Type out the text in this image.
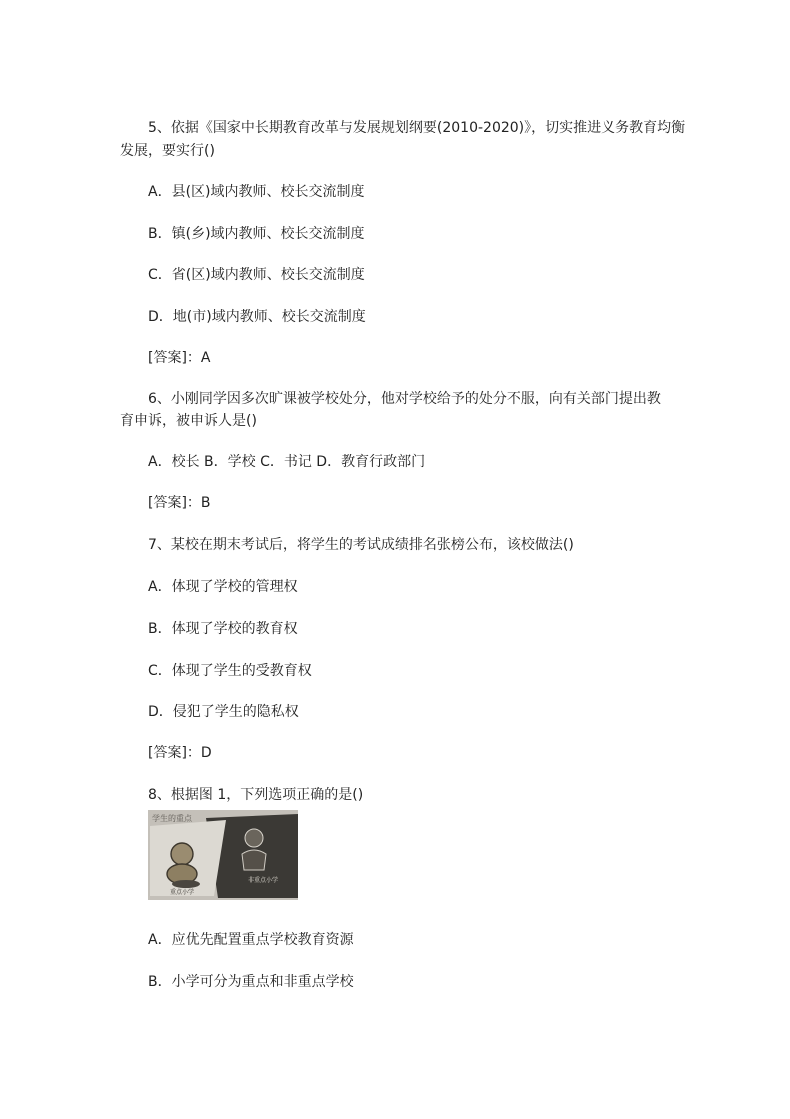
5、依据《国家中长期教育改革与发展规划纲要(2010-2020)》，切实推进义务教育均衡
发展，要实行()
A．县(区)域内教师、校长交流制度
B．镇(乡)域内教师、校长交流制度
C．省(区)域内教师、校长交流制度
D．地(市)域内教师、校长交流制度
[答案]：A
6、小刚同学因多次旷课被学校处分，他对学校给予的处分不服，向有关部门提出教
育申诉，被申诉人是()
A．校长 B．学校 C．书记 D．教育行政部门
[答案]：B
7、某校在期末考试后，将学生的考试成绩排名张榜公布，该校做法()
A．体现了学校的管理权
B．体现了学校的教育权
C．体现了学生的受教育权
D．侵犯了学生的隐私权
[答案]：D
8、根据图 1，下列选项正确的是()
学生的重点
重点小学
非重点小学
A．应优先配置重点学校教育资源
B．小学可分为重点和非重点学校
